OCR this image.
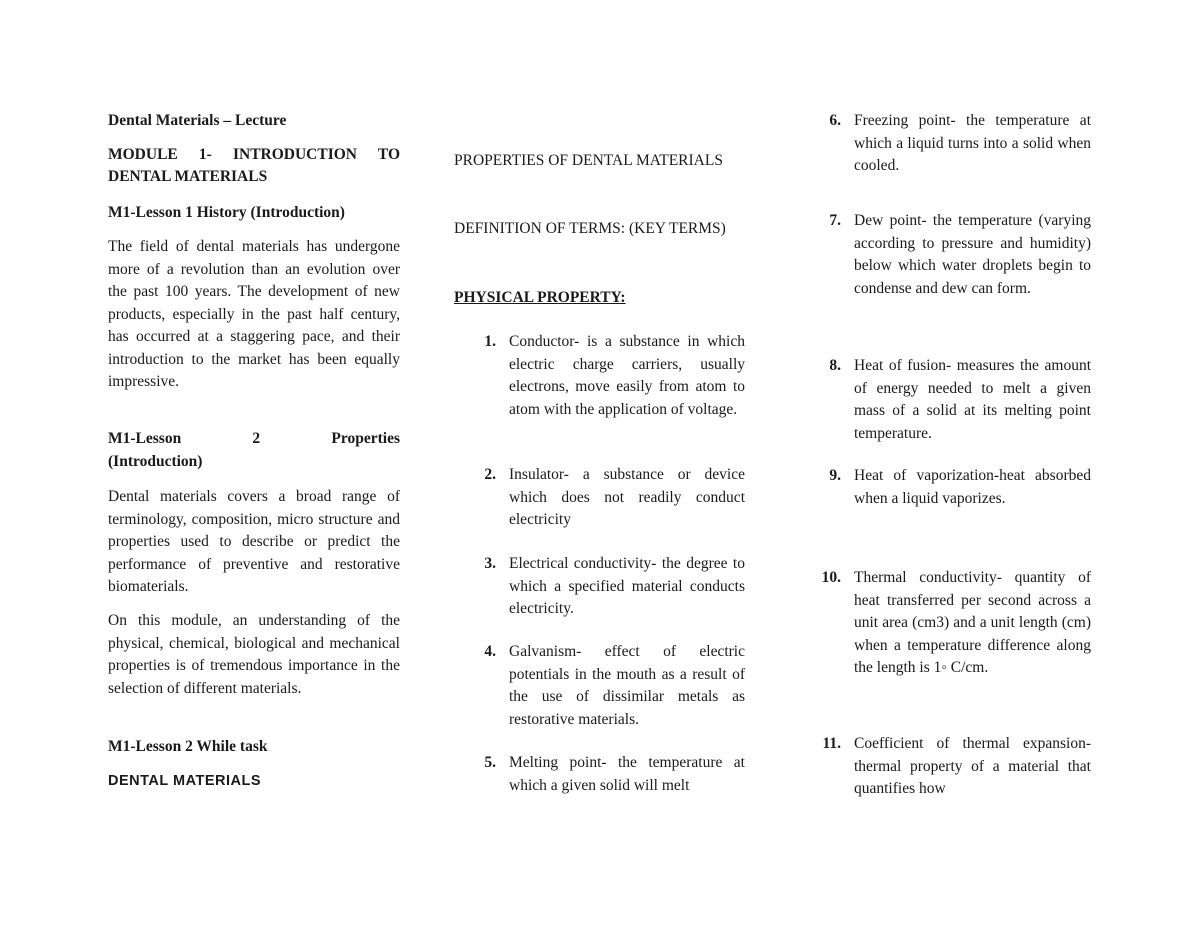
Dental Materials – Lecture
MODULE 1- INTRODUCTION TO
DENTAL MATERIALS
M1-Lesson 1 History (Introduction)
The field of dental materials has undergone more of a revolution than an evolution over the past 100 years. The development of new products, especially in the past half century, has occurred at a staggering pace, and their introduction to the market has been equally impressive.
M1-Lesson 2 Properties
(Introduction)
Dental materials covers a broad range of terminology, composition, micro structure and properties used to describe or predict the performance of preventive and restorative biomaterials.
On this module, an understanding of the physical, chemical, biological and mechanical properties is of tremendous importance in the selection of different materials.
M1-Lesson 2 While task
DENTAL MATERIALS
PROPERTIES OF DENTAL MATERIALS
DEFINITION OF TERMS: (KEY TERMS)
PHYSICAL PROPERTY:
1. Conductor- is a substance in which electric charge carriers, usually electrons, move easily from atom to atom with the application of voltage.
2. Insulator- a substance or device which does not readily conduct electricity
3. Electrical conductivity- the degree to which a specified material conducts electricity.
4. Galvanism- effect of electric potentials in the mouth as a result of the use of dissimilar metals as restorative materials.
5. Melting point- the temperature at which a given solid will melt
6. Freezing point- the temperature at which a liquid turns into a solid when cooled.
7. Dew point- the temperature (varying according to pressure and humidity) below which water droplets begin to condense and dew can form.
8. Heat of fusion- measures the amount of energy needed to melt a given mass of a solid at its melting point temperature.
9. Heat of vaporization-heat absorbed when a liquid vaporizes.
10. Thermal conductivity- quantity of heat transferred per second across a unit area (cm3) and a unit length (cm) when a temperature difference along the length is 1◦ C/cm.
11. Coefficient of thermal expansion- thermal property of a material that quantifies how
